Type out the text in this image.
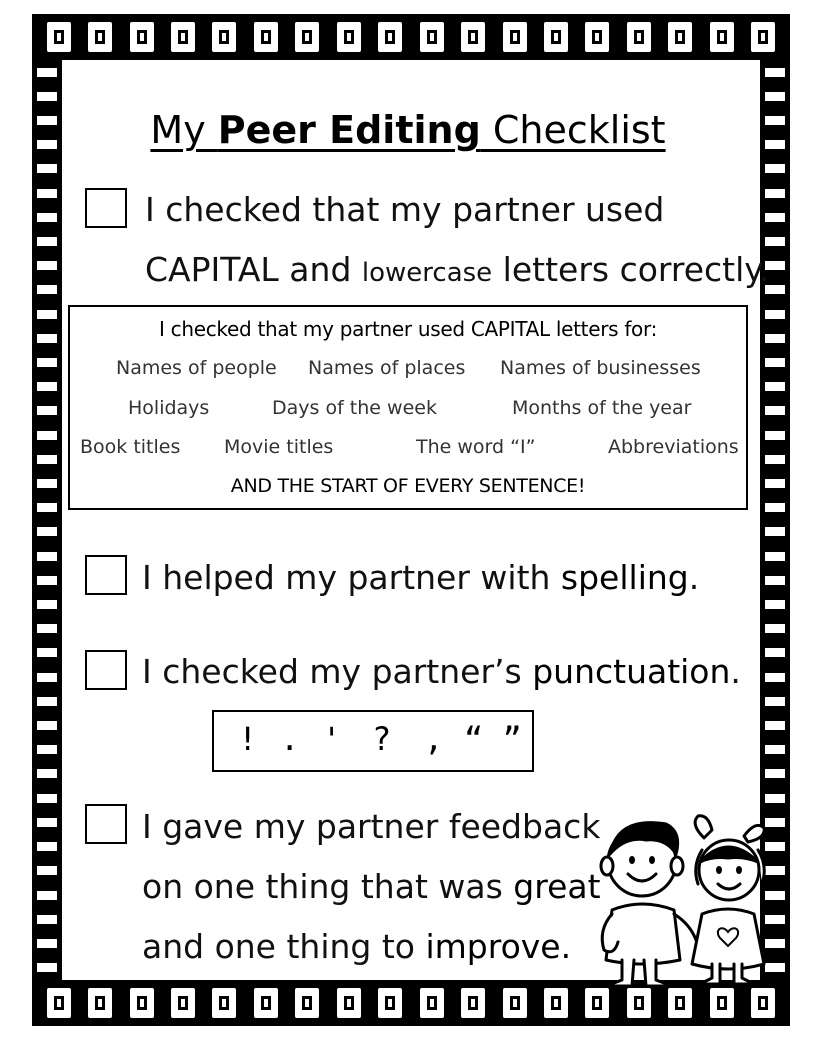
My Peer Editing Checklist
I checked that my partner used
CAPITAL and lowercase letters correctly.
I checked that my partner used CAPITAL letters for:
Names of people Names of places Names of businesses
Holidays	Days of the week	Months of the year
Book titles Movie titles	The word “I”	Abbreviations
AND THE START OF EVERY SENTENCE!
I helped my partner with spelling.
I checked my partner’s punctuation.
! . ' ? , “ ”
I gave my partner feedback
on one thing that was great
and one thing to improve.
